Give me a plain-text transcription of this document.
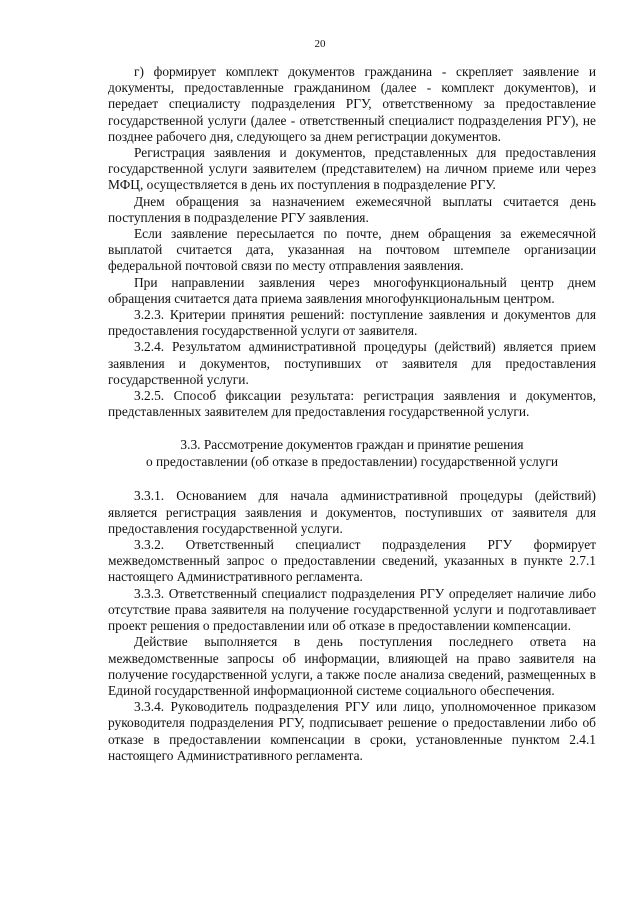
20

г) формирует комплект документов гражданина - скрепляет заявление и документы, предоставленные гражданином (далее - комплект документов), и передает специалисту подразделения РГУ, ответственному за предоставление государственной услуги (далее - ответственный специалист подразделения РГУ), не позднее рабочего дня, следующего за днем регистрации документов.

Регистрация заявления и документов, представленных для предоставления государственной услуги заявителем (представителем) на личном приеме или через МФЦ, осуществляется в день их поступления в подразделение РГУ.

Днем обращения за назначением ежемесячной выплаты считается день поступления в подразделение РГУ заявления.

Если заявление пересылается по почте, днем обращения за ежемесячной выплатой считается дата, указанная на почтовом штемпеле организации федеральной почтовой связи по месту отправления заявления.

При направлении заявления через многофункциональный центр днем обращения считается дата приема заявления многофункциональным центром.

3.2.3. Критерии принятия решений: поступление заявления и документов для предоставления государственной услуги от заявителя.

3.2.4. Результатом административной процедуры (действий) является прием заявления и документов, поступивших от заявителя для предоставления государственной услуги.

3.2.5. Способ фиксации результата: регистрация заявления и документов, представленных заявителем для предоставления государственной услуги.

3.3. Рассмотрение документов граждан и принятие решения
о предоставлении (об отказе в предоставлении) государственной услуги

3.3.1. Основанием для начала административной процедуры (действий) является регистрация заявления и документов, поступивших от заявителя для предоставления государственной услуги.

3.3.2. Ответственный специалист подразделения РГУ формирует межведомственный запрос о предоставлении сведений, указанных в пункте 2.7.1 настоящего Административного регламента.

3.3.3. Ответственный специалист подразделения РГУ определяет наличие либо отсутствие права заявителя на получение государственной услуги и подготавливает проект решения о предоставлении или об отказе в предоставлении компенсации.

Действие выполняется в день поступления последнего ответа на межведомственные запросы об информации, влияющей на право заявителя на получение государственной услуги, а также после анализа сведений, размещенных в Единой государственной информационной системе социального обеспечения.

3.3.4. Руководитель подразделения РГУ или лицо, уполномоченное приказом руководителя подразделения РГУ, подписывает решение о предоставлении либо об отказе в предоставлении компенсации в сроки, установленные пунктом 2.4.1 настоящего Административного регламента.
